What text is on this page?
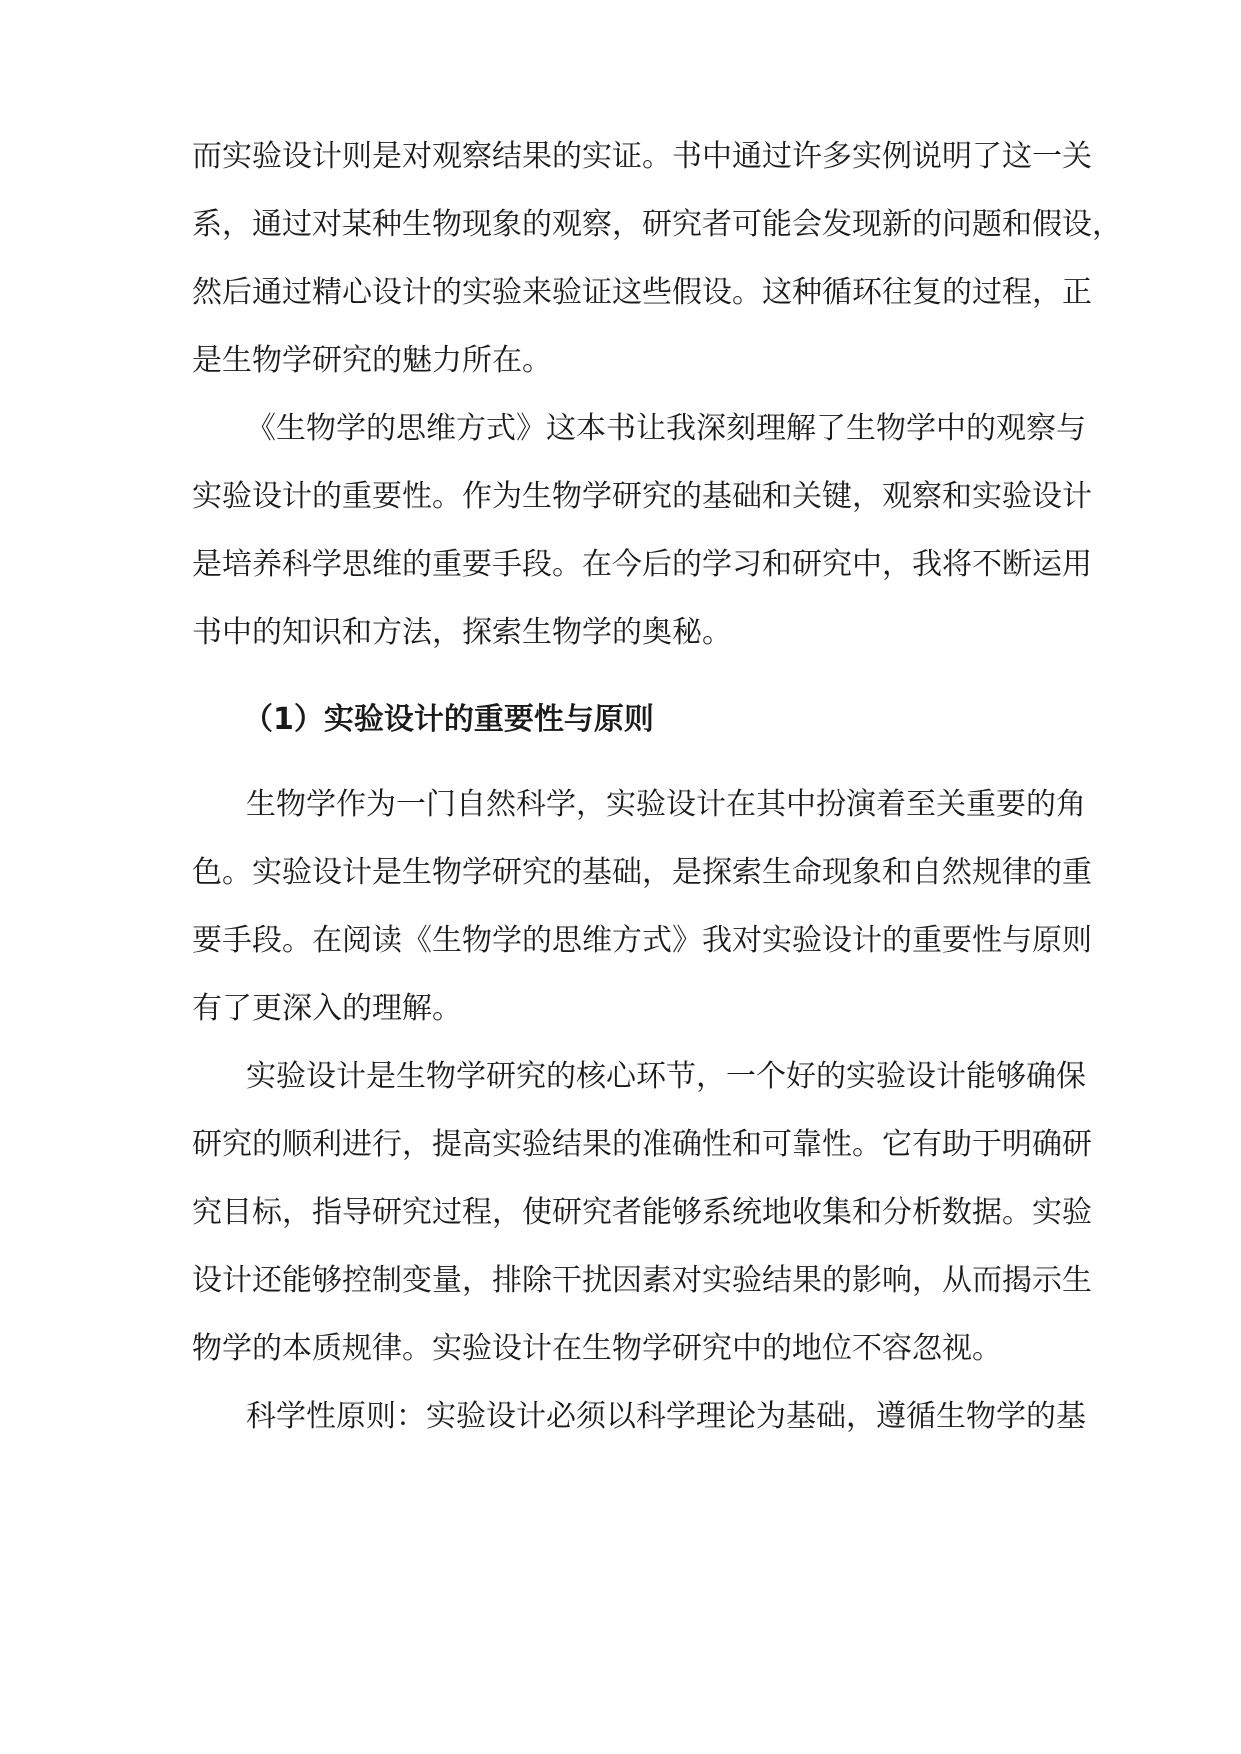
而实验设计则是对观察结果的实证。书中通过许多实例说明了这一关
系，通过对某种生物现象的观察，研究者可能会发现新的问题和假设，
然后通过精心设计的实验来验证这些假设。这种循环往复的过程，正
是生物学研究的魅力所在。
《生物学的思维方式》这本书让我深刻理解了生物学中的观察与
实验设计的重要性。作为生物学研究的基础和关键，观察和实验设计
是培养科学思维的重要手段。在今后的学习和研究中，我将不断运用
书中的知识和方法，探索生物学的奥秘。
（1）实验设计的重要性与原则
生物学作为一门自然科学，实验设计在其中扮演着至关重要的角
色。实验设计是生物学研究的基础，是探索生命现象和自然规律的重
要手段。在阅读《生物学的思维方式》我对实验设计的重要性与原则
有了更深入的理解。
实验设计是生物学研究的核心环节，一个好的实验设计能够确保
研究的顺利进行，提高实验结果的准确性和可靠性。它有助于明确研
究目标，指导研究过程，使研究者能够系统地收集和分析数据。实验
设计还能够控制变量，排除干扰因素对实验结果的影响，从而揭示生
物学的本质规律。实验设计在生物学研究中的地位不容忽视。
科学性原则：实验设计必须以科学理论为基础，遵循生物学的基
